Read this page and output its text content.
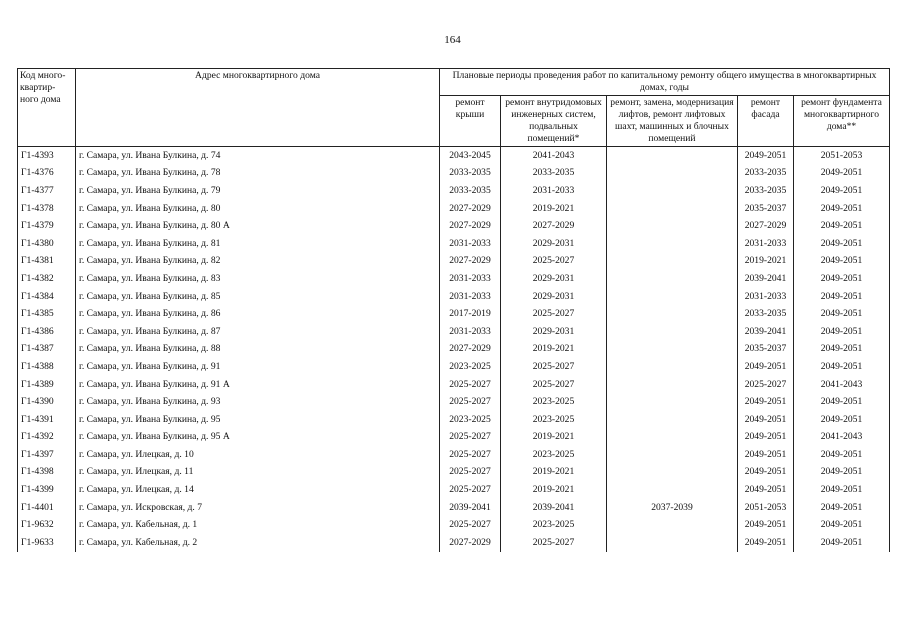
164
Код много-квартир-ного дома	Адрес многоквартирного дома	Плановые периоды проведения работ по капитальному ремонту общего имущества в многоквартирных домах, годы				
		ремонт крыши	ремонт внутридомовых инженерных систем, подвальных помещений*	ремонт, замена, модернизация лифтов, ремонт лифтовых шахт, машинных и блочных помещений	ремонт фасада	ремонт фундамента многоквартирного дома**
Г1-4393	г. Самара, ул. Ивана Булкина, д. 74	2043-2045	2041-2043		2049-2051	2051-2053
Г1-4376	г. Самара, ул. Ивана Булкина, д. 78	2033-2035	2033-2035		2033-2035	2049-2051
Г1-4377	г. Самара, ул. Ивана Булкина, д. 79	2033-2035	2031-2033		2033-2035	2049-2051
Г1-4378	г. Самара, ул. Ивана Булкина, д. 80	2027-2029	2019-2021		2035-2037	2049-2051
Г1-4379	г. Самара, ул. Ивана Булкина, д. 80 А	2027-2029	2027-2029		2027-2029	2049-2051
Г1-4380	г. Самара, ул. Ивана Булкина, д. 81	2031-2033	2029-2031		2031-2033	2049-2051
Г1-4381	г. Самара, ул. Ивана Булкина, д. 82	2027-2029	2025-2027		2019-2021	2049-2051
Г1-4382	г. Самара, ул. Ивана Булкина, д. 83	2031-2033	2029-2031		2039-2041	2049-2051
Г1-4384	г. Самара, ул. Ивана Булкина, д. 85	2031-2033	2029-2031		2031-2033	2049-2051
Г1-4385	г. Самара, ул. Ивана Булкина, д. 86	2017-2019	2025-2027		2033-2035	2049-2051
Г1-4386	г. Самара, ул. Ивана Булкина, д. 87	2031-2033	2029-2031		2039-2041	2049-2051
Г1-4387	г. Самара, ул. Ивана Булкина, д. 88	2027-2029	2019-2021		2035-2037	2049-2051
Г1-4388	г. Самара, ул. Ивана Булкина, д. 91	2023-2025	2025-2027		2049-2051	2049-2051
Г1-4389	г. Самара, ул. Ивана Булкина, д. 91 А	2025-2027	2025-2027		2025-2027	2041-2043
Г1-4390	г. Самара, ул. Ивана Булкина, д. 93	2025-2027	2023-2025		2049-2051	2049-2051
Г1-4391	г. Самара, ул. Ивана Булкина, д. 95	2023-2025	2023-2025		2049-2051	2049-2051
Г1-4392	г. Самара, ул. Ивана Булкина, д. 95 А	2025-2027	2019-2021		2049-2051	2041-2043
Г1-4397	г. Самара, ул. Илецкая, д. 10	2025-2027	2023-2025		2049-2051	2049-2051
Г1-4398	г. Самара, ул. Илецкая, д. 11	2025-2027	2019-2021		2049-2051	2049-2051
Г1-4399	г. Самара, ул. Илецкая, д. 14	2025-2027	2019-2021		2049-2051	2049-2051
Г1-4401	г. Самара, ул. Искровская, д. 7	2039-2041	2039-2041	2037-2039	2051-2053	2049-2051
Г1-9632	г. Самара, ул. Кабельная, д. 1	2025-2027	2023-2025		2049-2051	2049-2051
Г1-9633	г. Самара, ул. Кабельная, д. 2	2027-2029	2025-2027		2049-2051	2049-2051
